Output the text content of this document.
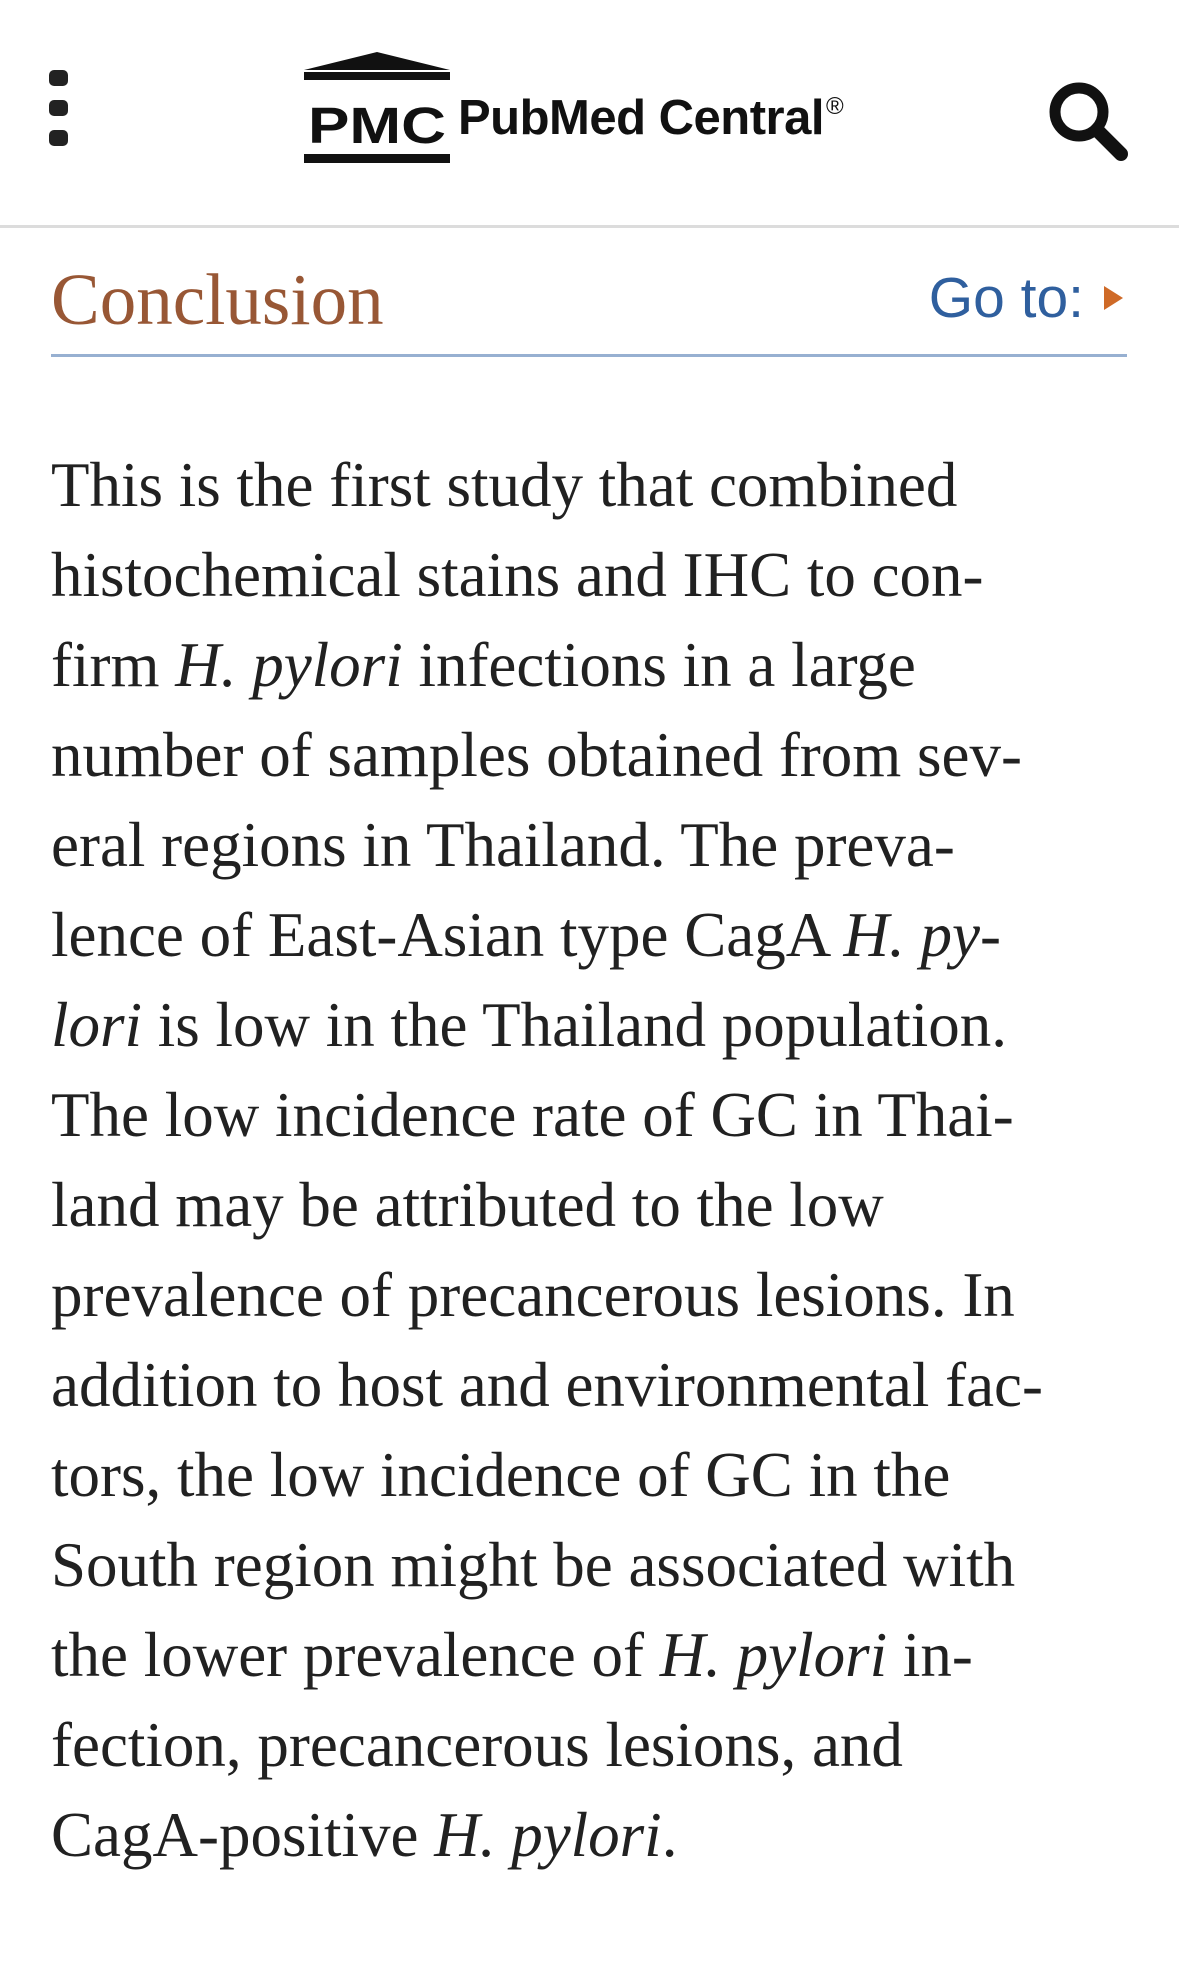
PMC PubMed Central®
Conclusion	Go to:
This is the first study that combined
histochemical stains and IHC to con-
firm H. pylori infections in a large
number of samples obtained from sev-
eral regions in Thailand. The preva-
lence of East-Asian type CagA H. py-
lori is low in the Thailand population.
The low incidence rate of GC in Thai-
land may be attributed to the low
prevalence of precancerous lesions. In
addition to host and environmental fac-
tors, the low incidence of GC in the
South region might be associated with
the lower prevalence of H. pylori in-
fection, precancerous lesions, and
CagA-positive H. pylori.
